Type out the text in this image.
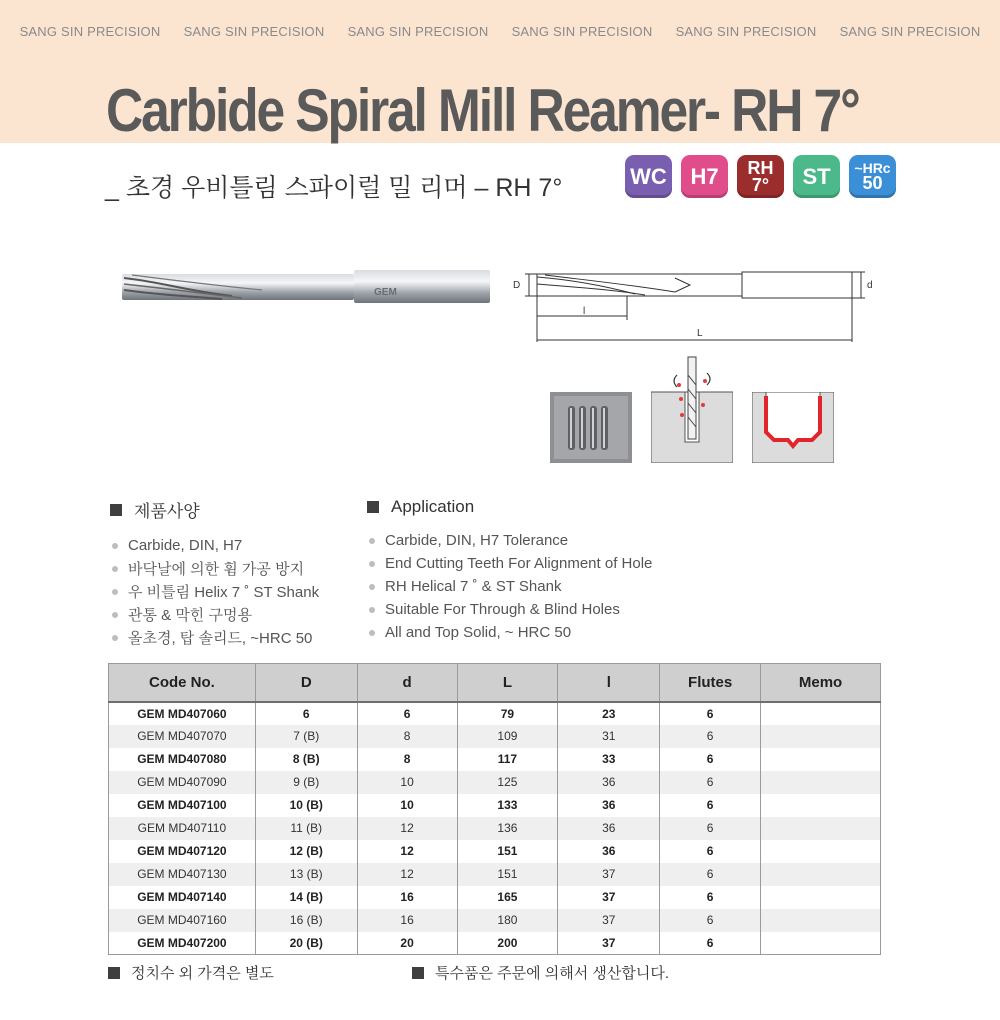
SANG SIN PRECISION SANG SIN PRECISION SANG SIN PRECISION SANG SIN PRECISION SANG SIN PRECISION SANG SIN PRECISION
Carbide Spiral Mill Reamer- RH 7°
_ 초경 우비틀림 스파이럴 밀 리머 – RH 7°	WC	H7	RH
7°	ST	~HRc
50
GEM
D	d
l
L
제품사양
Carbide, DIN, H7
바닥날에 의한 휨 가공 방지
우 비틀림 Helix 7 ˚ ST Shank
관통 & 막힌 구멍용
올초경, 탑 솔리드, ~HRC 50
Application
Carbide, DIN, H7 Tolerance
End Cutting Teeth For Alignment of Hole
RH Helical 7 ˚ & ST Shank
Suitable For Through & Blind Holes
All and Top Solid, ~ HRC 50
Code No.	D	d	L	l	Flutes	Memo
GEM MD407060	6	6	79	23	6	
GEM MD407070	7 (B)	8	109	31	6	
GEM MD407080	8 (B)	8	117	33	6	
GEM MD407090	9 (B)	10	125	36	6	
GEM MD407100	10 (B)	10	133	36	6	
GEM MD407110	11 (B)	12	136	36	6	
GEM MD407120	12 (B)	12	151	36	6	
GEM MD407130	13 (B)	12	151	37	6	
GEM MD407140	14 (B)	16	165	37	6	
GEM MD407160	16 (B)	16	180	37	6	
GEM MD407200	20 (B)	20	200	37	6	
정치수 외 가격은 별도	특수품은 주문에 의해서 생산합니다.
